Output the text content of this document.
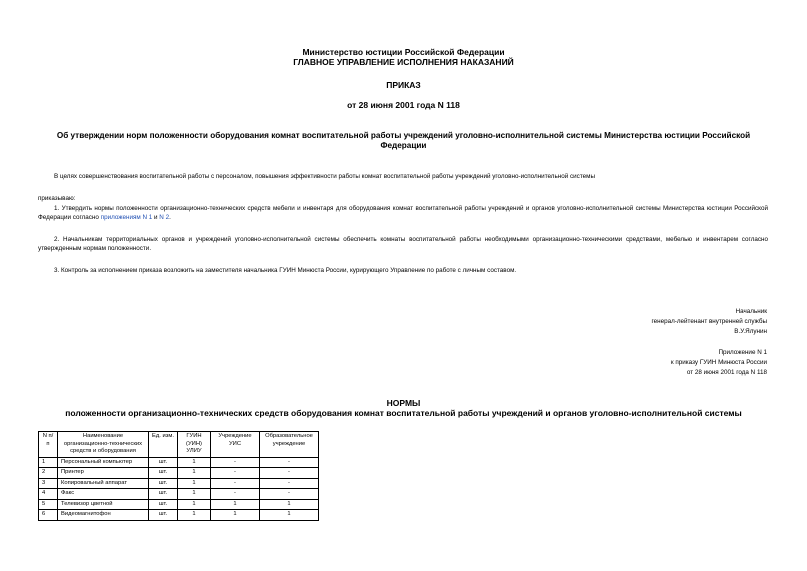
Министерство юстиции Российской Федерации
ГЛАВНОЕ УПРАВЛЕНИЕ ИСПОЛНЕНИЯ НАКАЗАНИЙ
ПРИКАЗ
от 28 июня 2001 года N 118
Об утверждении норм положенности оборудования комнат воспитательной работы учреждений уголовно-исполнительной системы Министерства юстиции Российской Федерации
В целях совершенствования воспитательной работы с персоналом, повышения эффективности работы комнат воспитательной работы учреждений уголовно-исполнительной системы
приказываю:
1. Утвердить нормы положенности организационно-технических средств мебели и инвентаря для оборудования комнат воспитательной работы учреждений и органов уголовно-исполнительной системы Министерства юстиции Российской Федерации согласно приложениям N 1 и N 2.
2. Начальникам территориальных органов и учреждений уголовно-исполнительной системы обеспечить комнаты воспитательной работы необходимыми организационно-техническими средствами, мебелью и инвентарем согласно утвержденным нормам положенности.
3. Контроль за исполнением приказа возложить на заместителя начальника ГУИН Минюста России, курирующего Управление по работе с личным составом.
Начальник
генерал-лейтенант внутренней службы
В.У.Ялунин
Приложение N 1
к приказу ГУИН Минюста России
от 28 июня 2001 года N 118
НОРМЫ
положенности организационно-технических средств оборудования комнат воспитательной работы учреждений и органов уголовно-исполнительной системы
N п/п	Наименование организационно-технических средств и оборудования	Ед. изм.	ГУИН (УИН) УЛИУ	Учреждение УИС	Образовательное учреждение
1	Персональный компьютер	шт.	1	-	-
2	Принтер	шт.	1	-	-
3	Копировальный аппарат	шт.	1	-	-
4	Факс	шт.	1	-	-
5	Телевизор цветной	шт.	1	1	1
6	Видеомагнитофон	шт.	1	1	1
